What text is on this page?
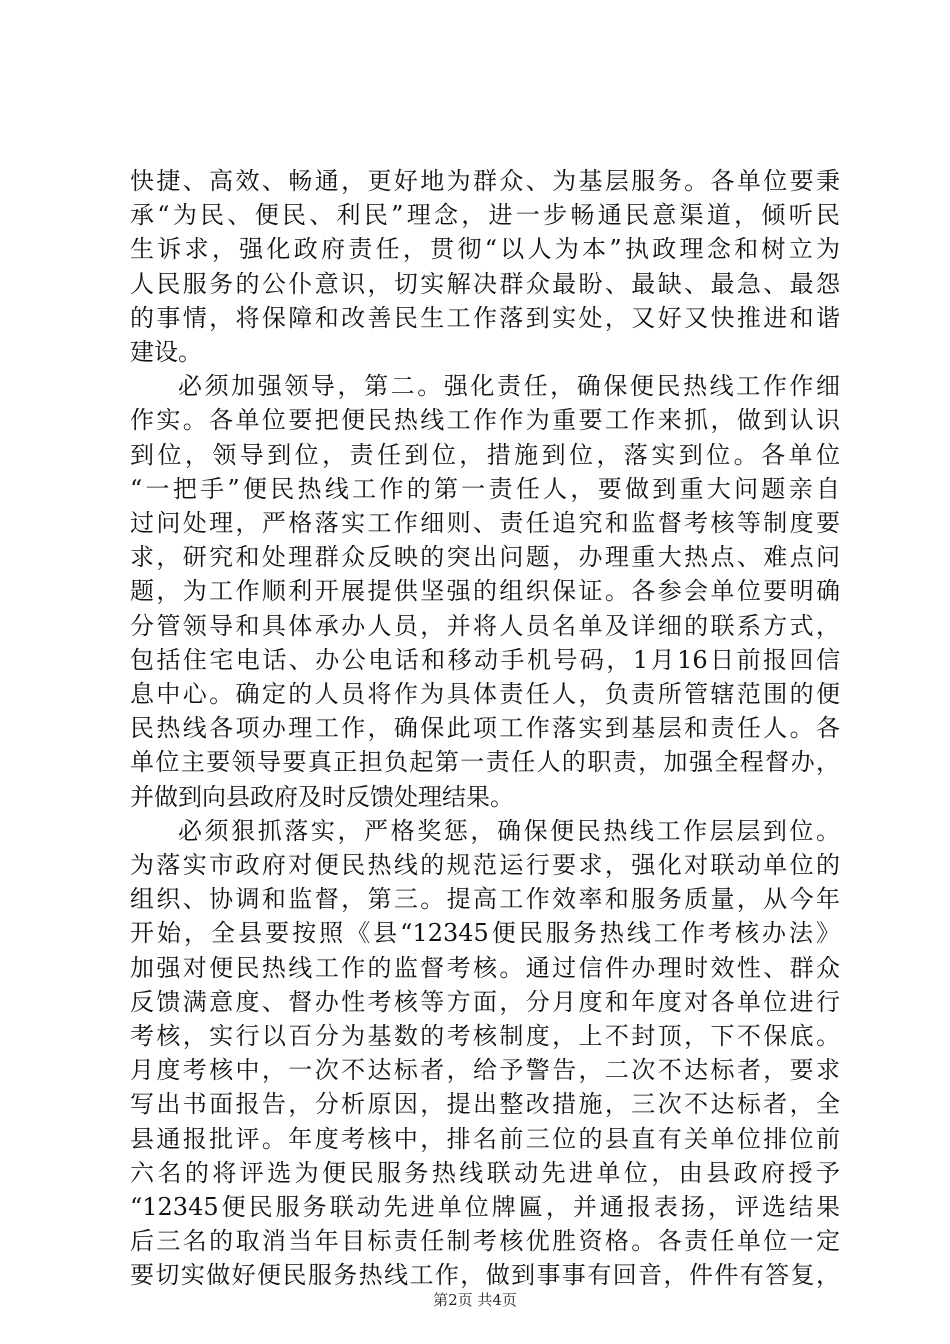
快捷、高效、畅通，更好地为群众、为基层服务。各单位要秉
承“为民、便民、利民”理念，进一步畅通民意渠道，倾听民
生诉求，强化政府责任，贯彻“以人为本”执政理念和树立为
人民服务的公仆意识，切实解决群众最盼、最缺、最急、最怨
的事情，将保障和改善民生工作落到实处，又好又快推进和谐
建设。
必须加强领导，第二。强化责任，确保便民热线工作作细
作实。各单位要把便民热线工作作为重要工作来抓，做到认识
到位，领导到位，责任到位，措施到位，落实到位。各单位
“一把手”便民热线工作的第一责任人，要做到重大问题亲自
过问处理，严格落实工作细则、责任追究和监督考核等制度要
求，研究和处理群众反映的突出问题，办理重大热点、难点问
题，为工作顺利开展提供坚强的组织保证。各参会单位要明确
分管领导和具体承办人员，并将人员名单及详细的联系方式，
包括住宅电话、办公电话和移动手机号码，1月16日前报回信
息中心。确定的人员将作为具体责任人，负责所管辖范围的便
民热线各项办理工作，确保此项工作落实到基层和责任人。各
单位主要领导要真正担负起第一责任人的职责，加强全程督办，
并做到向县政府及时反馈处理结果。
必须狠抓落实，严格奖惩，确保便民热线工作层层到位。
为落实市政府对便民热线的规范运行要求，强化对联动单位的
组织、协调和监督，第三。提高工作效率和服务质量，从今年
开始，全县要按照《县“12345便民服务热线工作考核办法》
加强对便民热线工作的监督考核。通过信件办理时效性、群众
反馈满意度、督办性考核等方面，分月度和年度对各单位进行
考核，实行以百分为基数的考核制度，上不封顶，下不保底。
月度考核中，一次不达标者，给予警告，二次不达标者，要求
写出书面报告，分析原因，提出整改措施，三次不达标者，全
县通报批评。年度考核中，排名前三位的县直有关单位排位前
六名的将评选为便民服务热线联动先进单位，由县政府授予
“12345便民服务联动先进单位牌匾，并通报表扬，评选结果
后三名的取消当年目标责任制考核优胜资格。各责任单位一定
要切实做好便民服务热线工作，做到事事有回音，件件有答复，
第2页 共4页
